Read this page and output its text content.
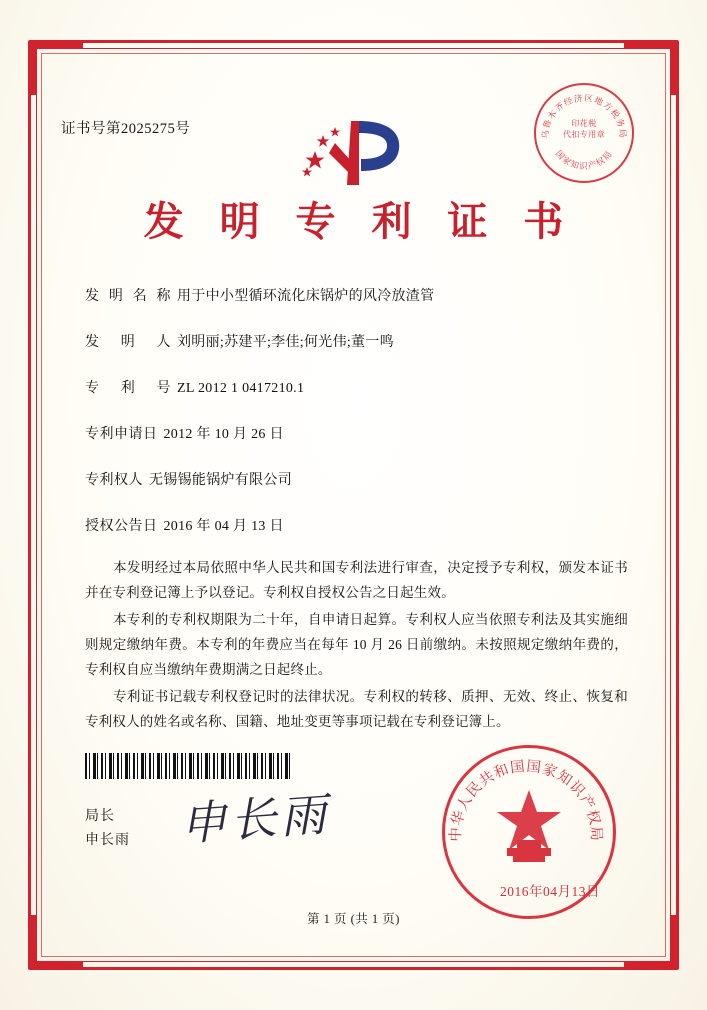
证书号第2025275号	乌鲁木齐经济区地方税务局
国家知识产权局
印花税
代扣专用章
发 明 专 利 证 书
发明名称 用于中小型循环流化床锅炉的风冷放渣管
发明人 刘明丽;苏建平;李佳;何光伟;董一鸣
专利号 ZL 2012 1 0417210.1
专利申请日 2012 年 10 月 26 日
专利权人 无锡锡能锅炉有限公司
授权公告日 2016 年 04 月 13 日

本发明经过本局依照中华人民共和国专利法进行审查，决定授予专利权，颁发本证书并在专利登记簿上予以登记。专利权自授权公告之日起生效。

本专利的专利权期限为二十年，自申请日起算。专利权人应当依照专利法及其实施细则规定缴纳年费。本专利的年费应当在每年 10 月 26 日前缴纳。未按照规定缴纳年费的，专利权自应当缴纳年费期满之日起终止。

专利证书记载专利权登记时的法律状况。专利权的转移、质押、无效、终止、恢复和专利权人的姓名或名称、国籍、地址变更等事项记载在专利登记簿上。

局长
申长雨 申长雨	中华人民共和国国家知识产权局
2016年04月13日
第 1 页 (共 1 页)
